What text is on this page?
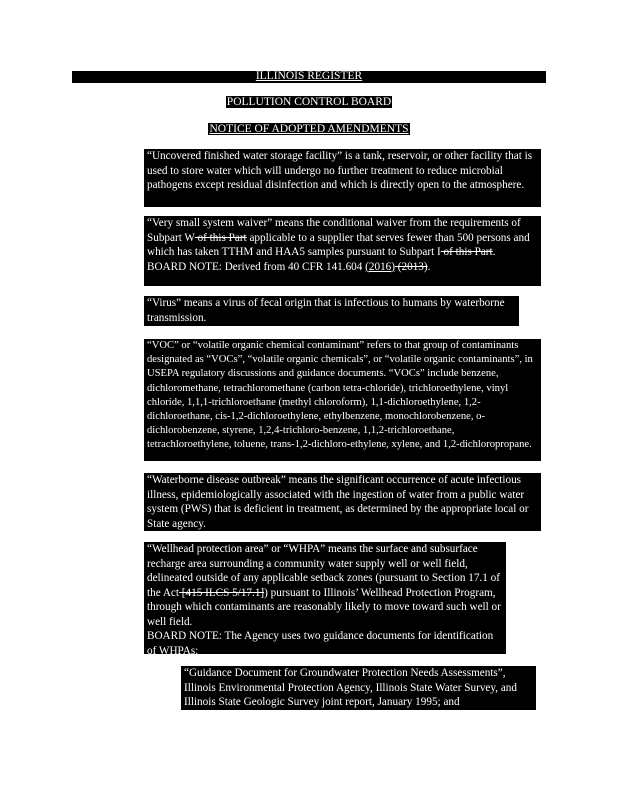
ILLINOIS REGISTER
POLLUTION CONTROL BOARD
NOTICE OF ADOPTED AMENDMENTS

“Uncovered finished water storage facility” is a tank, reservoir, or other facility that is used to store water which will undergo no further treatment to reduce microbial pathogens except residual disinfection and which is directly open to the atmosphere.

“Very small system waiver” means the conditional waiver from the requirements of Subpart W of this Part applicable to a supplier that serves fewer than 500 persons and which has taken TTHM and HAA5 samples pursuant to Subpart I of this Part.

BOARD NOTE: Derived from 40 CFR 141.604 (2016) (2013).

“Virus” means a virus of fecal origin that is infectious to humans by waterborne transmission.

“VOC” or “volatile organic chemical contaminant” refers to that group of contaminants designated as “VOCs”, “volatile organic chemicals”, or “volatile organic contaminants”, in USEPA regulatory discussions and guidance documents. “VOCs” include benzene, dichloromethane, tetrachloromethane (carbon tetra-chloride), trichloroethylene, vinyl chloride, 1,1,1-trichloroethane (methyl chloroform), 1,1-dichloroethylene, 1,2-dichloroethane, cis-1,2-dichloroethylene, ethylbenzene, monochlorobenzene, o-dichlorobenzene, styrene, 1,2,4-trichloro-benzene, 1,1,2-trichloroethane, tetrachloroethylene, toluene, trans-1,2-dichloro-ethylene, xylene, and 1,2-dichloropropane.

“Waterborne disease outbreak” means the significant occurrence of acute infectious illness, epidemiologically associated with the ingestion of water from a public water system (PWS) that is deficient in treatment, as determined by the appropriate local or State agency.

“Wellhead protection area” or “WHPA” means the surface and subsurface recharge area surrounding a community water supply well or well field, delineated outside of any applicable setback zones (pursuant to Section 17.1 of the Act [415 ILCS 5/17.1]) pursuant to Illinois’ Wellhead Protection Program, through which contaminants are reasonably likely to move toward such well or well field.

BOARD NOTE: The Agency uses two guidance documents for identification of WHPAs:

“Guidance Document for Groundwater Protection Needs Assessments”, Illinois Environmental Protection Agency, Illinois State Water Survey, and Illinois State Geologic Survey joint report, January 1995; and
